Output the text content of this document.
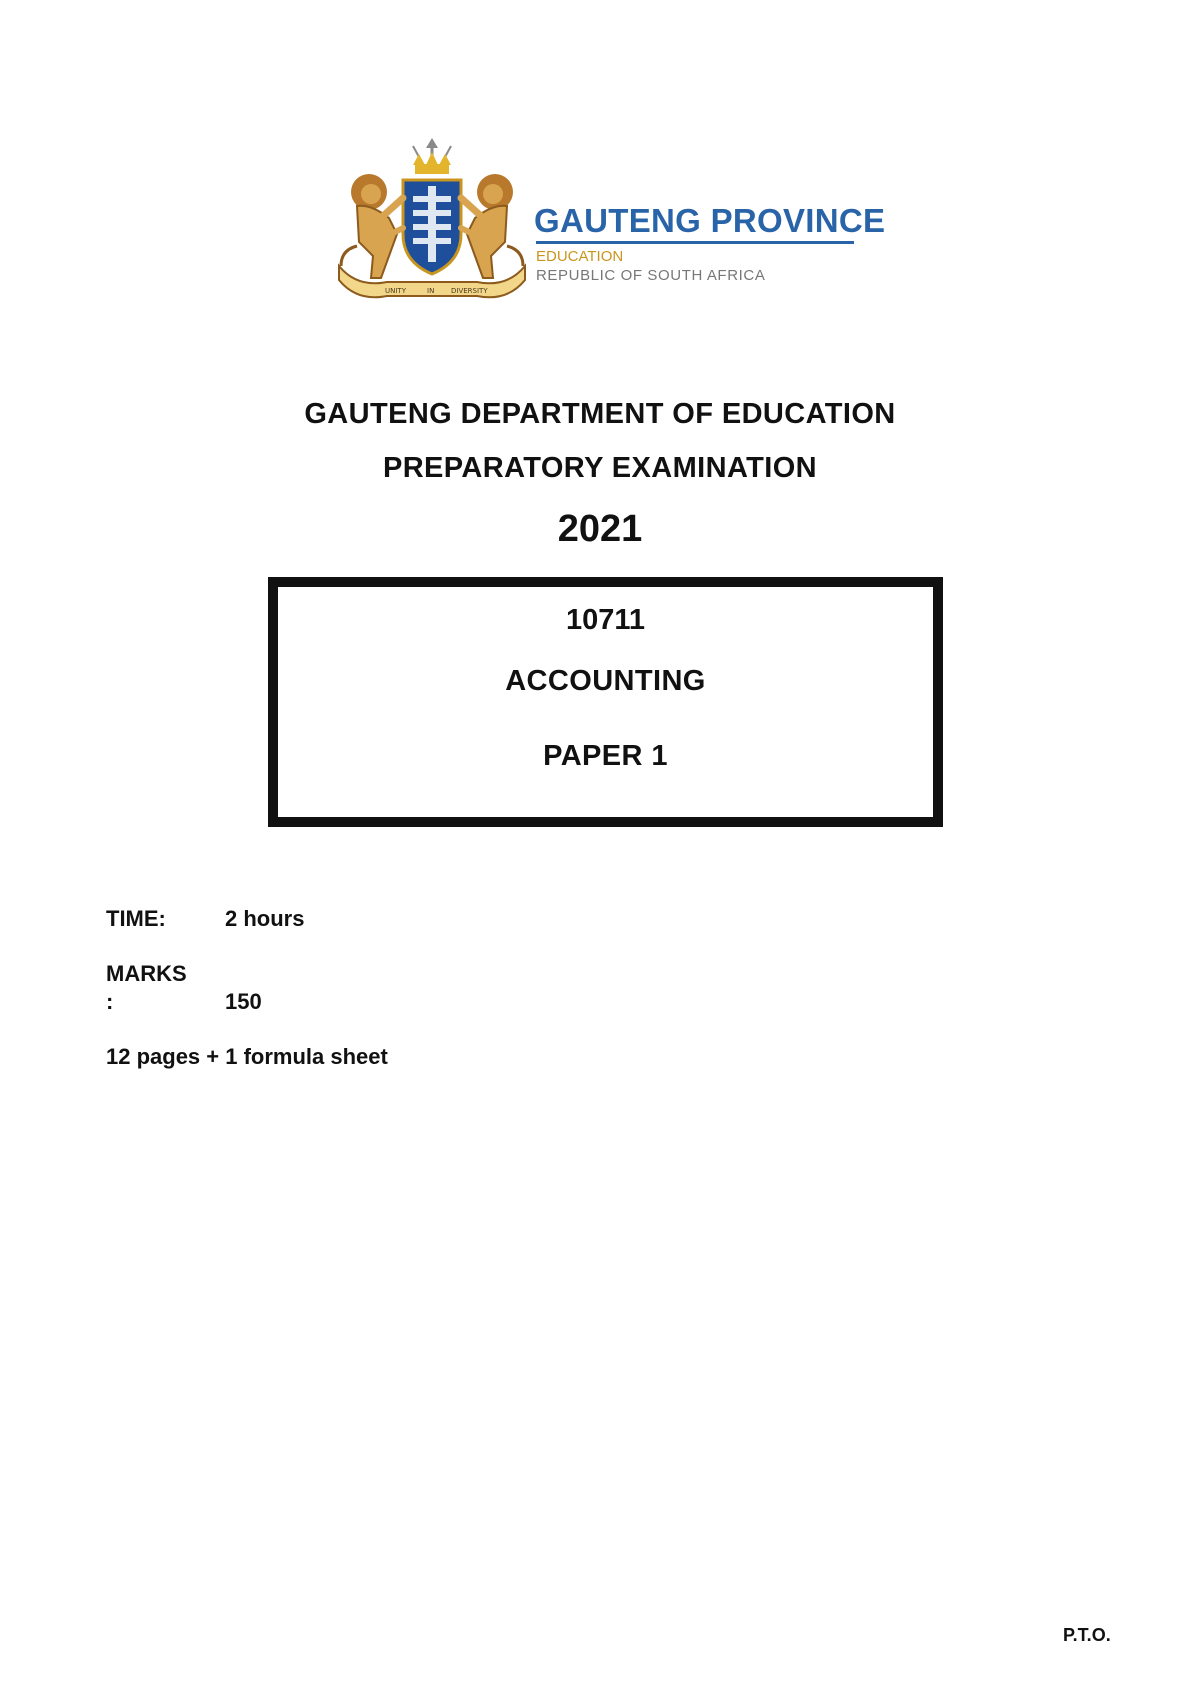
UNITY	IN DIVERSITY
GAUTENG PROVINCE
EDUCATION
REPUBLIC OF SOUTH AFRICA
GAUTENG DEPARTMENT OF EDUCATION
PREPARATORY EXAMINATION
2021
10711
ACCOUNTING
PAPER 1
TIME:	2 hours
MARKS
:	150
12 pages + 1 formula sheet
P.T.O.
